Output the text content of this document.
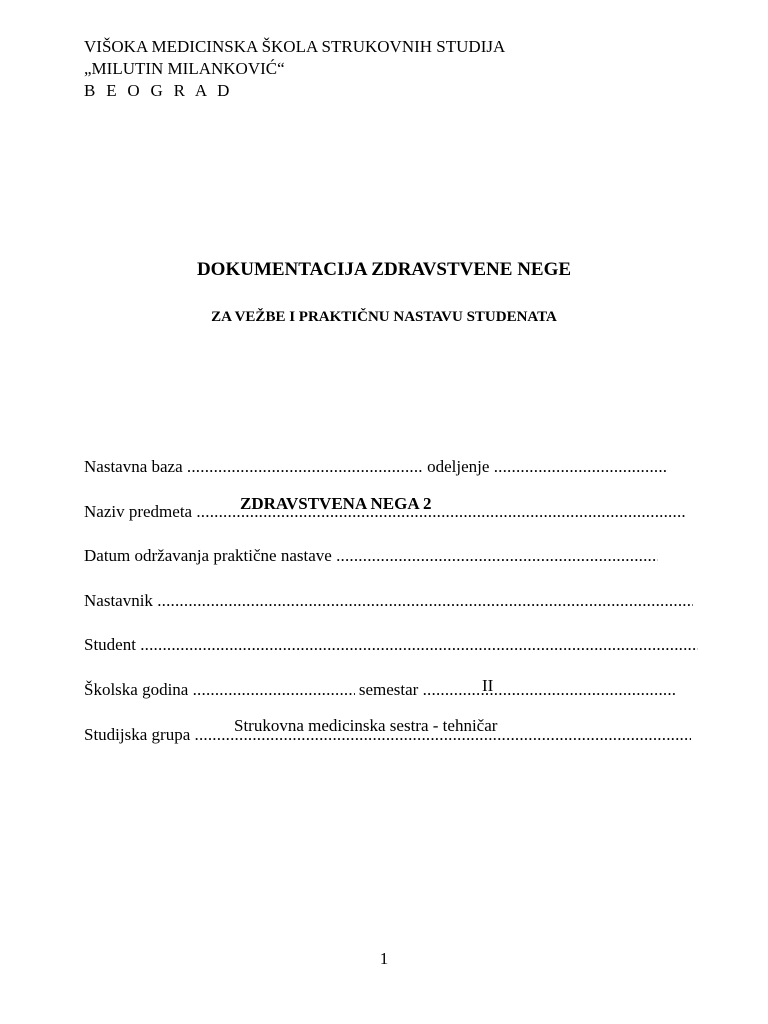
VIŠOKA MEDICINSKA ŠKOLA STRUKOVNIH STUDIJA
„MILUTIN MILANKOVIĆ“
B E O G R A D
DOKUMENTACIJA ZDRAVSTVENE NEGE
ZA VEŽBE I PRAKTIČNU NASTAVU STUDENATA
Nastavna baza .....	odeljenje .....
Naziv predmeta .....	ZDRAVSTVENA NEGA 2
Datum održavanja praktične nastave .....
Nastavnik .....
Student .....
Školska godina .....	semestar .....	II
Studijska grupa .....	Strukovna medicinska sestra - tehničar
1
